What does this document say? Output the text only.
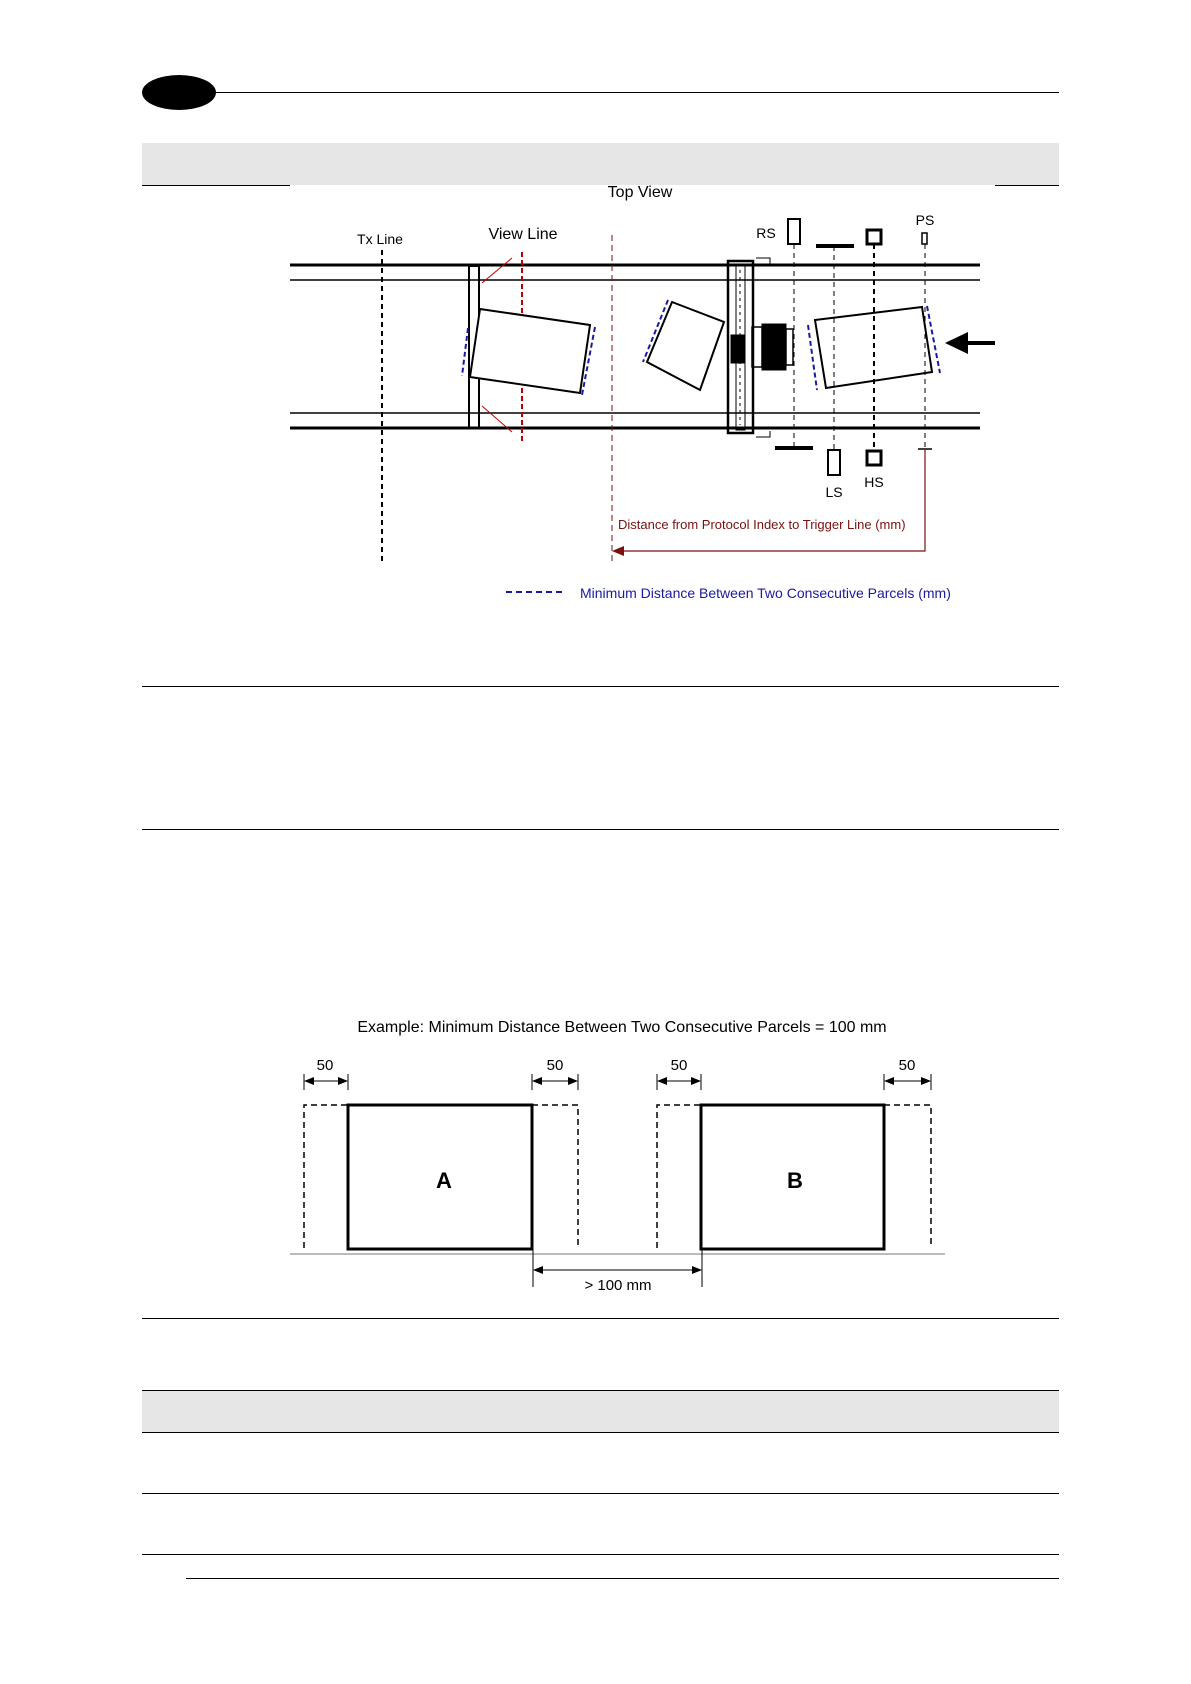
Top View
Tx Line	View Line	RS
PS
LS
HS
Distance from Protocol Index to Trigger Line (mm)
Minimum Distance Between Two Consecutive Parcels (mm)
Example: Minimum Distance Between Two Consecutive Parcels = 100 mm
50	50	50	50
A	B
> 100 mm
